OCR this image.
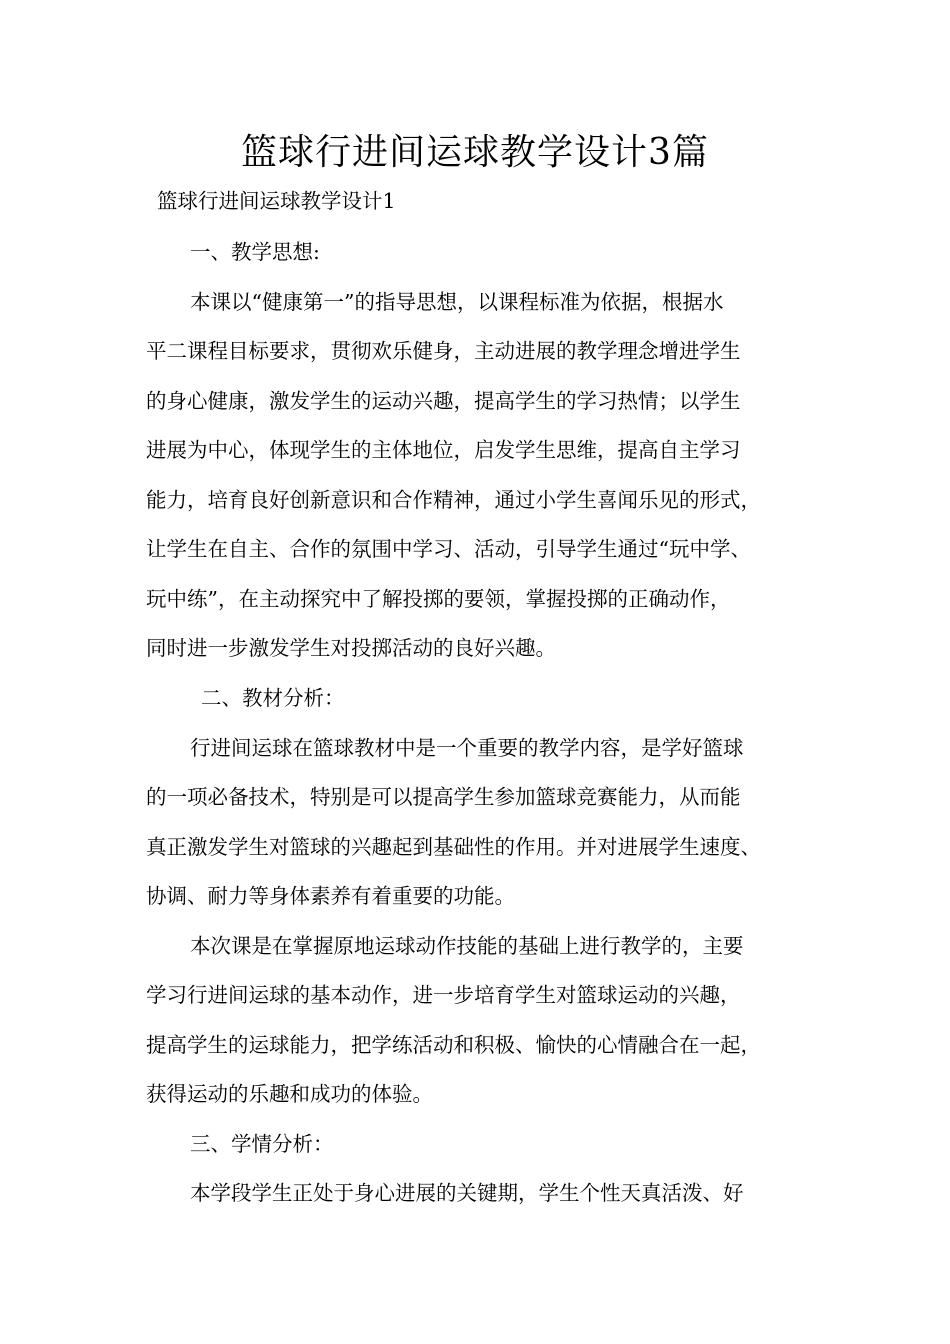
篮球行进间运球教学设计3篇
篮球行进间运球教学设计1
一、教学思想:
本课以“健康第一”的指导思想，以课程标准为依据，根据水
平二课程目标要求，贯彻欢乐健身，主动进展的教学理念增进学生
的身心健康，激发学生的运动兴趣，提高学生的学习热情；以学生
进展为中心，体现学生的主体地位，启发学生思维，提高自主学习
能力，培育良好创新意识和合作精神，通过小学生喜闻乐见的形式，
让学生在自主、合作的氛围中学习、活动，引导学生通过“玩中学、
玩中练”，在主动探究中了解投掷的要领，掌握投掷的正确动作，
同时进一步激发学生对投掷活动的良好兴趣。
二、教材分析：
行进间运球在篮球教材中是一个重要的教学内容，是学好篮球
的一项必备技术，特别是可以提高学生参加篮球竞赛能力，从而能
真正激发学生对篮球的兴趣起到基础性的作用。并对进展学生速度、
协调、耐力等身体素养有着重要的功能。
本次课是在掌握原地运球动作技能的基础上进行教学的，主要
学习行进间运球的基本动作，进一步培育学生对篮球运动的兴趣，
提高学生的运球能力，把学练活动和积极、愉快的心情融合在一起，
获得运动的乐趣和成功的体验。
三、学情分析：
本学段学生正处于身心进展的关键期，学生个性天真活泼、好
